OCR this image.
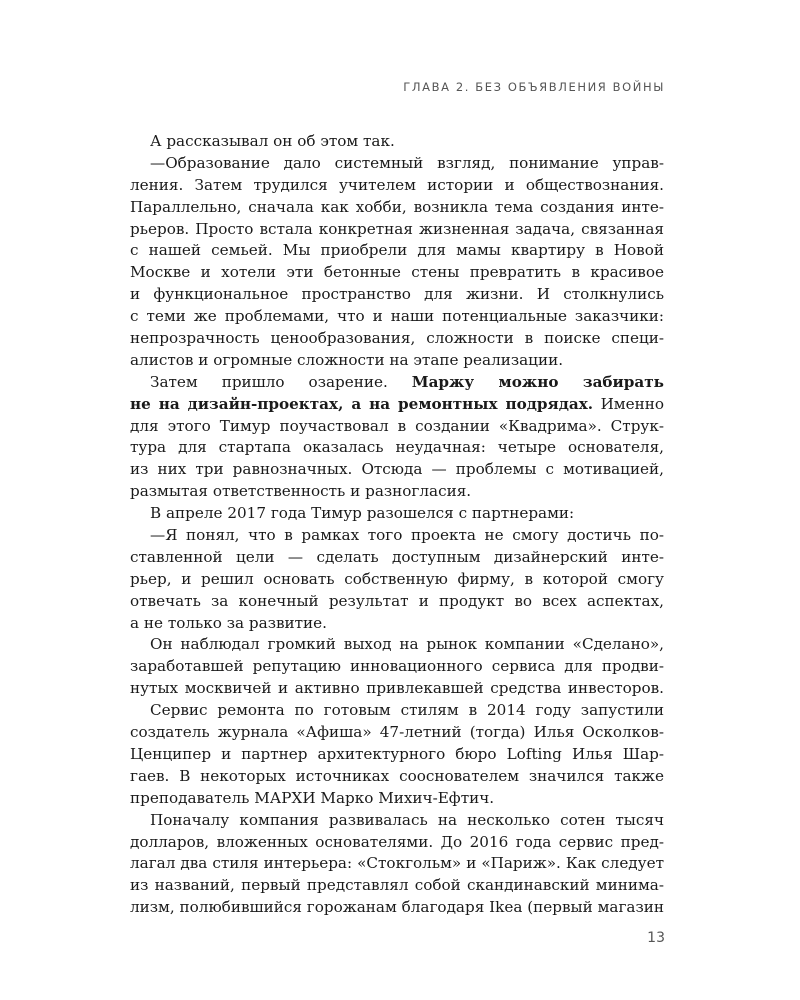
ГЛАВА 2. БЕЗ ОБЪЯВЛЕНИЯ ВОЙНЫ
А рассказывал он об этом так.
—Образование дало системный взгляд, понимание управ-
ления. Затем трудился учителем истории и обществознания.
Параллельно, сначала как хобби, возникла тема создания инте-
рьеров. Просто встала конкретная жизненная задача, связанная
с нашей семьей. Мы приобрели для мамы квартиру в Новой
Москве и хотели эти бетонные стены превратить в красивое
и функциональное пространство для жизни. И столкнулись
с теми же проблемами, что и наши потенциальные заказчики:
непрозрачность ценообразования, сложности в поиске специ-
алистов и огромные сложности на этапе реализации.
Затем пришло озарение. Маржу можно забирать
не на дизайн-проектах, а на ремонтных подрядах. Именно
для этого Тимур поучаствовал в создании «Квадрима». Струк-
тура для стартапа оказалась неудачная: четыре основателя,
из них три равнозначных. Отсюда — проблемы с мотивацией,
размытая ответственность и разногласия.
В апреле 2017 года Тимур разошелся с партнерами:
—Я понял, что в рамках того проекта не смогу достичь по-
ставленной цели — сделать доступным дизайнерский инте-
рьер, и решил основать собственную фирму, в которой смогу
отвечать за конечный результат и продукт во всех аспектах,
а не только за развитие.
Он наблюдал громкий выход на рынок компании «Сделано»,
заработавшей репутацию инновационного сервиса для продви-
нутых москвичей и активно привлекавшей средства инвесторов.
Сервис ремонта по готовым стилям в 2014 году запустили
создатель журнала «Афиша» 47-летний (тогда) Илья Осколков-
Ценципер и партнер архитектурного бюро Lofting Илья Шар-
гаев. В некоторых источниках сооснователем значился также
преподаватель МАРХИ Марко Михич-Ефтич.
Поначалу компания развивалась на несколько сотен тысяч
долларов, вложенных основателями. До 2016 года сервис пред-
лагал два стиля интерьера: «Стокгольм» и «Париж». Как следует
из названий, первый представлял собой скандинавский минима-
лизм, полюбившийся горожанам благодаря Ikea (первый магазин
13
